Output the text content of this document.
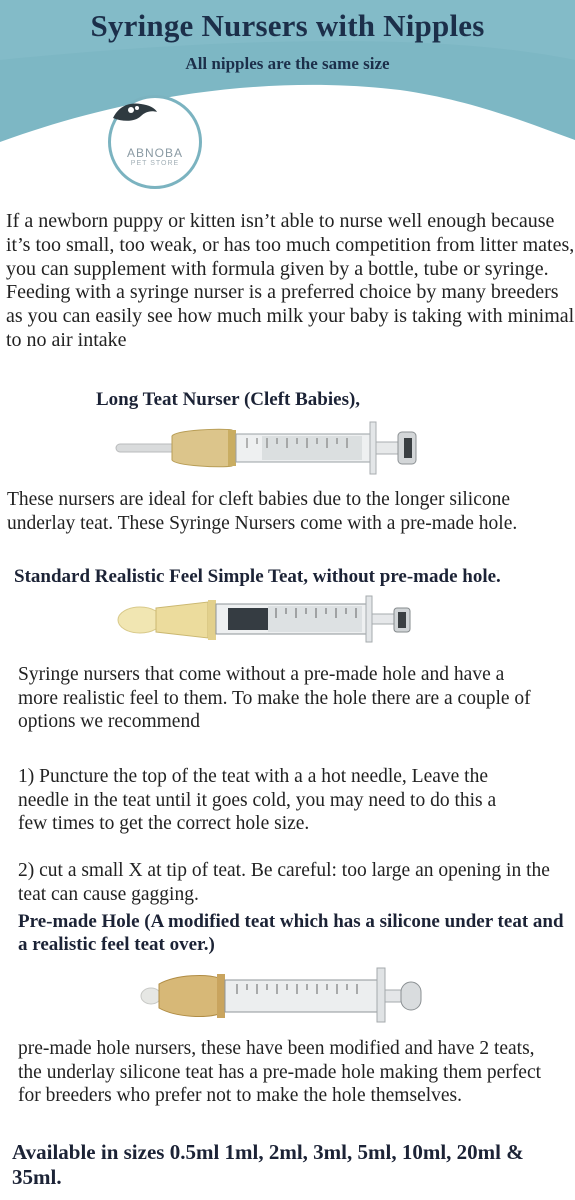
Syringe Nursers with Nipples
All nipples are the same size
ABNOBA
PET STORE

If a newborn puppy or kitten isn’t able to nurse well enough because it’s too small, too weak, or has too much competition from litter mates, you can supplement with formula given by a bottle, tube or syringe. Feeding with a syringe nurser is a preferred choice by many breeders as you can easily see how much milk your baby is taking with minimal to no air intake

Long Teat Nurser (Cleft Babies),

These nursers are ideal for cleft babies due to the longer silicone underlay teat. These Syringe Nursers come with a pre-made hole.

Standard Realistic Feel Simple Teat, without pre-made hole.

Syringe nursers that come without a pre-made hole and have a more realistic feel to them. To make the hole there are a couple of options we recommend

1) Puncture the top of the teat with a a hot needle, Leave the needle in the teat until it goes cold, you may need to do this a few times to get the correct hole size.

2) cut a small X at tip of teat. Be careful: too large an opening in the teat can cause gagging.

Pre-made Hole (A modified teat which has a silicone under teat and a realistic feel teat over.)

pre-made hole nursers, these have been modified and have 2 teats, the underlay silicone teat has a pre-made hole making them perfect for breeders who prefer not to make the hole themselves.

Available in sizes 0.5ml 1ml, 2ml, 3ml, 5ml, 10ml, 20ml & 35ml.
